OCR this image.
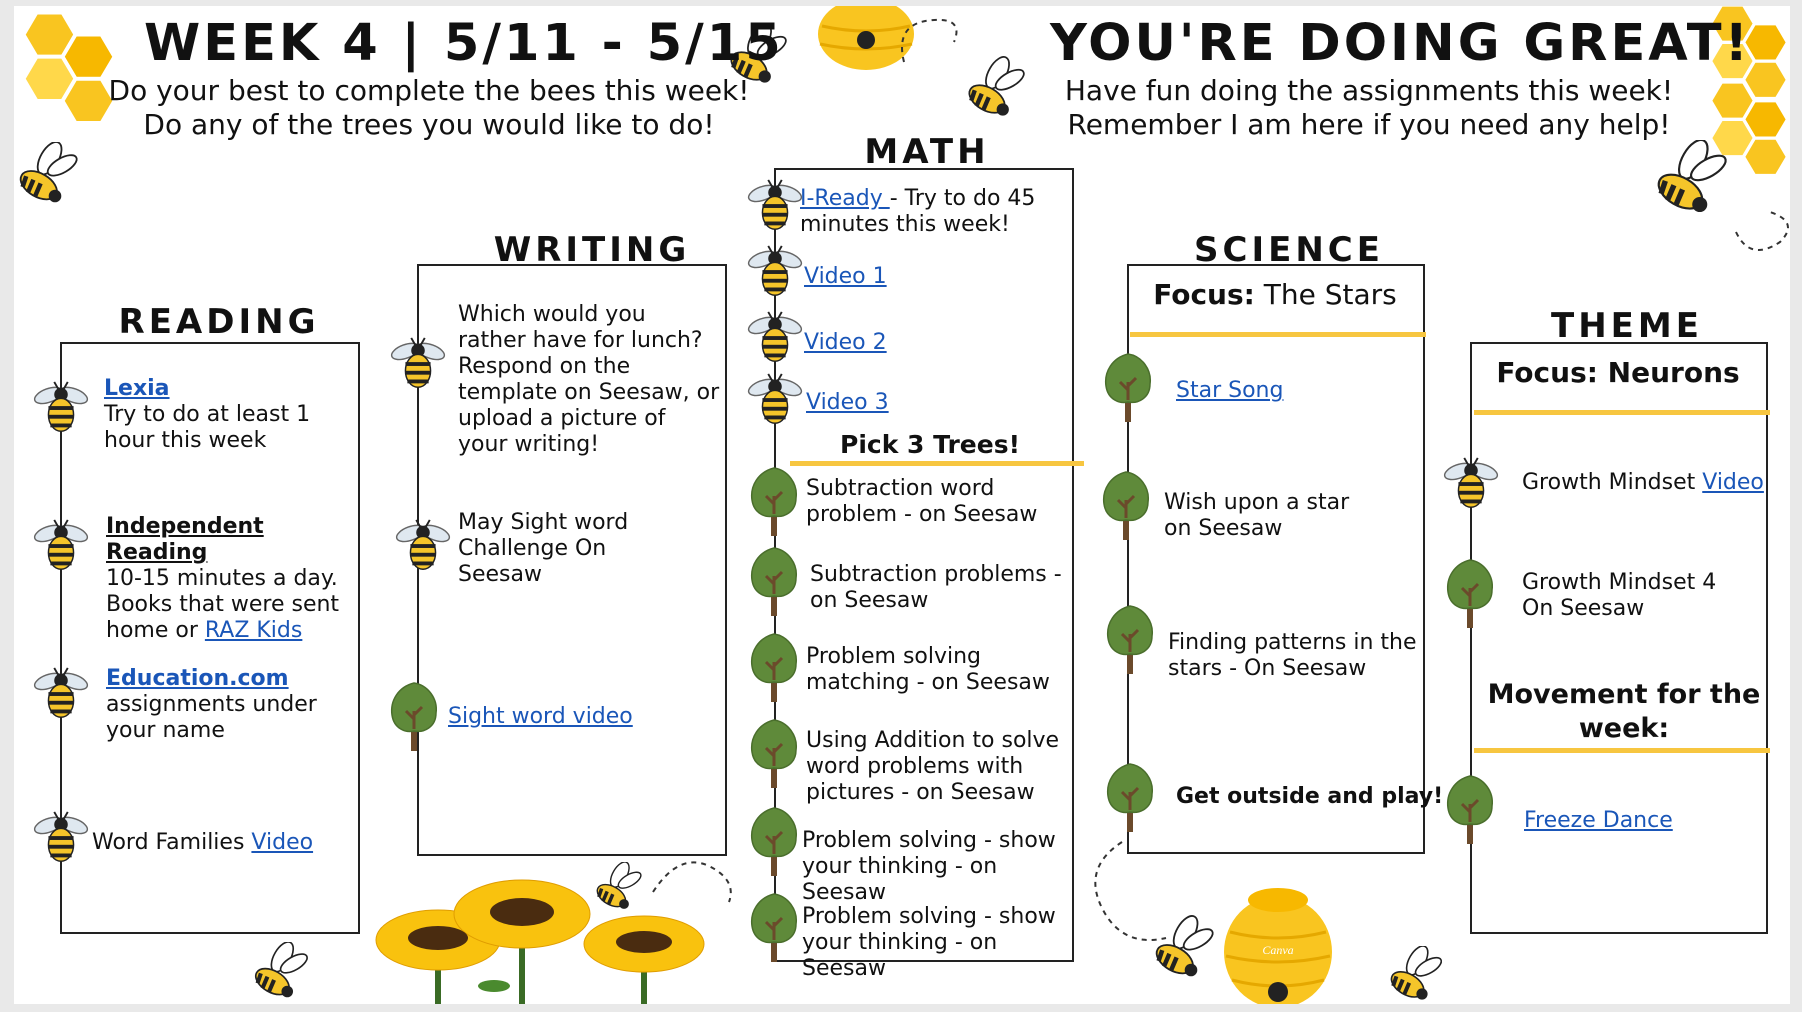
Canva
WEEK 4 | 5/11 - 5/15
Do your best to complete the bees this week!
Do any of the trees you would like to do!
YOU'RE DOING GREAT!
Have fun doing the assignments this week!
Remember I am here if you need any help!
READING
Lexia
Try to do at least 1 hour this week
Independent Reading
10-15 minutes a day. Books that were sent home or RAZ Kids
Education.com
assignments under your name
Word Families Video
WRITING
Which would you rather have for lunch? Respond on the template on Seesaw, or upload a picture of your writing!
May Sight word Challenge On Seesaw
Sight word video
MATH
I-Ready - Try to do 45 minutes this week!
Video 1
Video 2
Video 3
Pick 3 Trees!
Subtraction word problem - on Seesaw
Subtraction problems - on Seesaw
Problem solving matching - on Seesaw
Using Addition to solve word problems with pictures - on Seesaw
Problem solving - show your thinking - on Seesaw
Problem solving - show your thinking - on Seesaw
SCIENCE
Focus: The Stars
Star Song
Wish upon a star on Seesaw
Finding patterns in the stars - On Seesaw
Get outside and play!
THEME
Focus: Neurons
Growth Mindset Video
Growth Mindset 4 On Seesaw
Movement for the week:
Freeze Dance
